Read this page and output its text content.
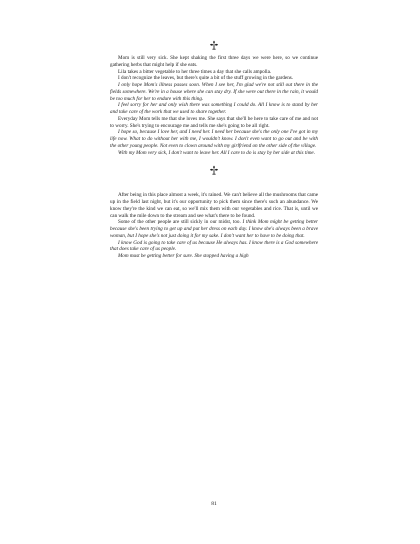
Mom is still very sick. She kept shaking the first three days we were here, so we continue gathering herbs that might help if she eats.

Lila takes a bitter vegetable to her three times a day that she calls ampolla.

I don't recognize the leaves, but there's quite a bit of the stuff growing in the gardens.

I only hope Mom's illness passes soon. When I see her, I'm glad we're not still out there in the fields somewhere. We're in a house where she can stay dry. If she were out there in the rain, it would be too much for her to endure with this thing.

I feel sorry for her and only wish there was something I could do. All I know is to stand by her and take care of the work that we used to share together.

Everyday Mom tells me that she loves me. She says that she'll be here to take care of me and not to worry. She's trying to encourage me and tells me she's going to be all right.

I hope so, because I love her, and I need her. I need her because she's the only one I've got in my life now. What to do without her with me, I wouldn't know. I don't even want to go out and be with the other young people. Not even to clown around with my girlfriend on the other side of the village.

With my Mom very sick, I don't want to leave her. All I care to do is stay by her side at this time.

After being in this place almost a week, it's rained. We can't believe all the mushrooms that came up in the field last night, but it's our opportunity to pick them since there's such an abundance. We know they're the kind we can eat, so we'll mix them with our vegetables and rice. That is, until we can walk the mile down to the stream and see what's there to be found.

Some of the other people are still sickly in our midst, too. I think Mom might be getting better because she's been trying to get up and put her dress on each day. I know she's always been a brave woman, but I hope she's not just doing it for my sake. I don't want her to have to be doing that.

I know God is going to take care of us because He always has. I know there is a God somewhere that does take care of us people.

Mom must be getting better for sure. She stopped having a high

81
